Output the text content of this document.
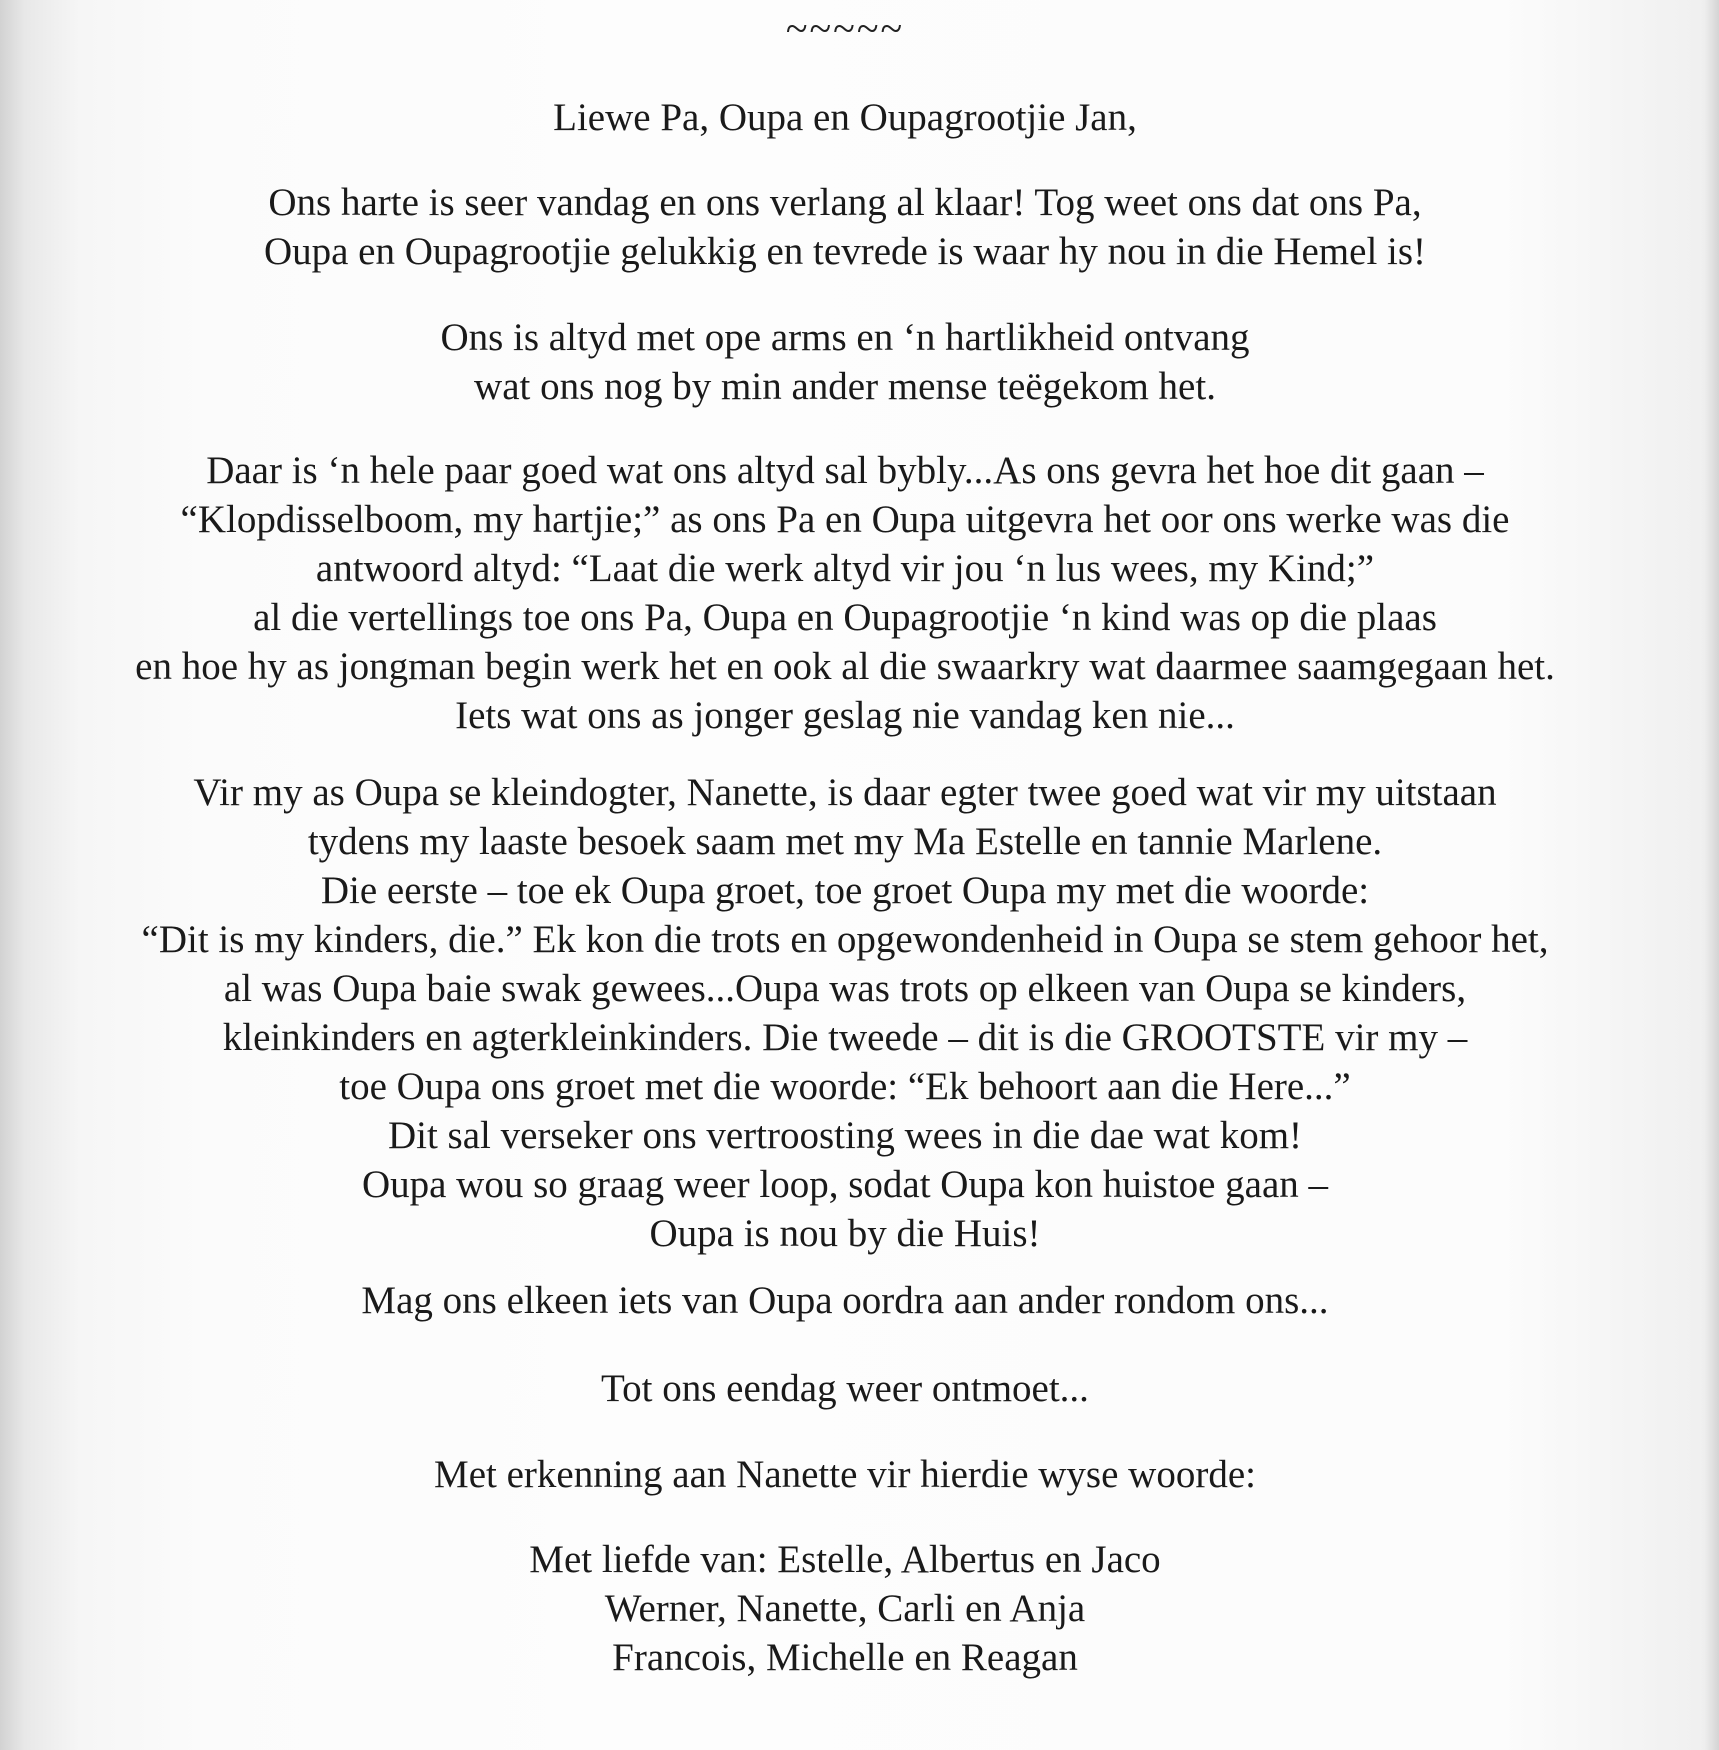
~~~~~
Liewe Pa, Oupa en Oupagrootjie Jan,
Ons harte is seer vandag en ons verlang al klaar! Tog weet ons dat ons Pa,
Oupa en Oupagrootjie gelukkig en tevrede is waar hy nou in die Hemel is!
Ons is altyd met ope arms en ‘n hartlikheid ontvang
wat ons nog by min ander mense teëgekom het.
Daar is ‘n hele paar goed wat ons altyd sal bybly...As ons gevra het hoe dit gaan –
“Klopdisselboom, my hartjie;” as ons Pa en Oupa uitgevra het oor ons werke was die
antwoord altyd: “Laat die werk altyd vir jou ‘n lus wees, my Kind;”
al die vertellings toe ons Pa, Oupa en Oupagrootjie ‘n kind was op die plaas
en hoe hy as jongman begin werk het en ook al die swaarkry wat daarmee saamgegaan het.
Iets wat ons as jonger geslag nie vandag ken nie...
Vir my as Oupa se kleindogter, Nanette, is daar egter twee goed wat vir my uitstaan
tydens my laaste besoek saam met my Ma Estelle en tannie Marlene.
Die eerste – toe ek Oupa groet, toe groet Oupa my met die woorde:
“Dit is my kinders, die.” Ek kon die trots en opgewondenheid in Oupa se stem gehoor het,
al was Oupa baie swak gewees...Oupa was trots op elkeen van Oupa se kinders,
kleinkinders en agterkleinkinders. Die tweede – dit is die GROOTSTE vir my –
toe Oupa ons groet met die woorde: “Ek behoort aan die Here...”
Dit sal verseker ons vertroosting wees in die dae wat kom!
Oupa wou so graag weer loop, sodat Oupa kon huistoe gaan –
Oupa is nou by die Huis!
Mag ons elkeen iets van Oupa oordra aan ander rondom ons...
Tot ons eendag weer ontmoet...
Met erkenning aan Nanette vir hierdie wyse woorde:
Met liefde van: Estelle, Albertus en Jaco
Werner, Nanette, Carli en Anja
Francois, Michelle en Reagan
